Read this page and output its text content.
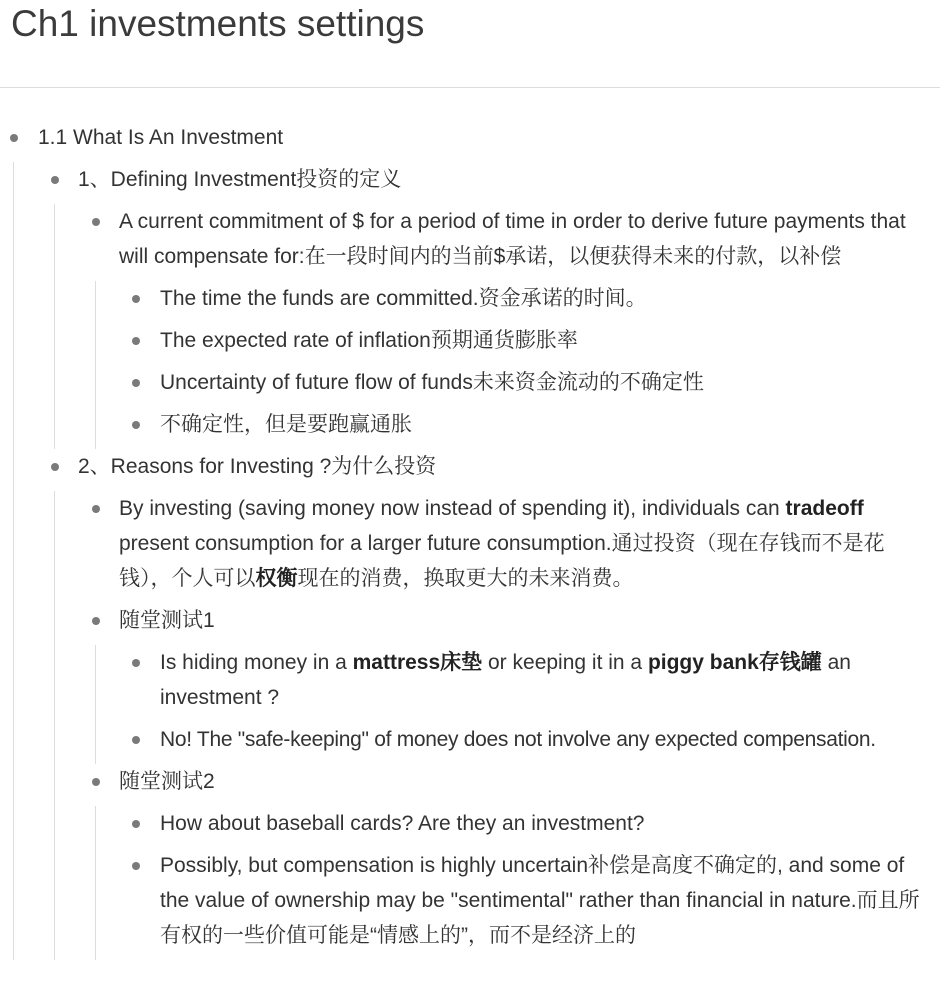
Ch1 investments settings
1.1 What Is An Investment
1、Defining Investment投资的定义
A current commitment of $ for a period of time in order to derive future payments that will compensate for:在一段时间内的当前$承诺，以便获得未来的付款，以补偿
The time the funds are committed.资金承诺的时间。
The expected rate of inflation预期通货膨胀率
Uncertainty of future flow of funds未来资金流动的不确定性
不确定性，但是要跑赢通胀
2、Reasons for Investing ?为什么投资
By investing (saving money now instead of spending it), individuals can tradeoff present consumption for a larger future consumption.通过投资（现在存钱而不是花钱），个人可以权衡现在的消费，换取更大的未来消费。
随堂测试1
Is hiding money in a mattress床垫 or keeping it in a piggy bank存钱罐 an investment ?
No! The "safe-keeping" of money does not involve any expected compensation.
随堂测试2
How about baseball cards? Are they an investment?
Possibly, but compensation is highly uncertain补偿是高度不确定的, and some of the value of ownership may be "sentimental" rather than financial in nature.而且所有权的一些价值可能是“情感上的”，而不是经济上的
